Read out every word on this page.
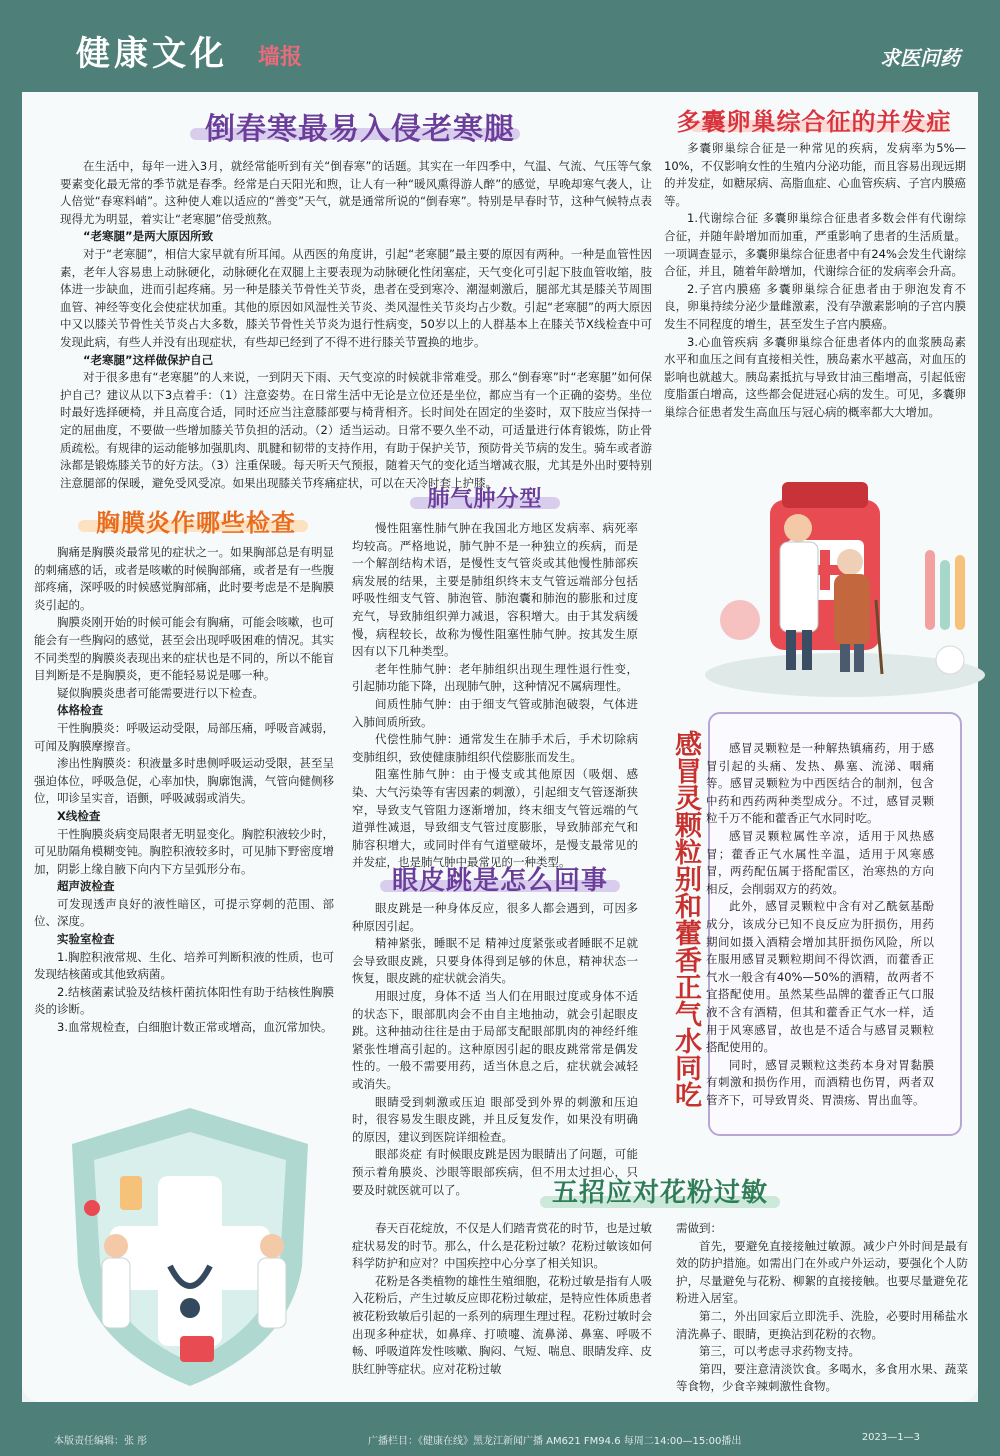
健康文化 墙报	求医问药
倒春寒最易入侵老寒腿

在生活中，每年一进入3月，就经常能听到有关“倒春寒”的话题。其实在一年四季中，气温、气流、气压等气象要素变化最无常的季节就是春季。经常是白天阳光和煦，让人有一种“暖风熏得游人醉”的感觉，早晚却寒气袭人，让人倍觉“春寒料峭”。这种使人难以适应的“善变”天气，就是通常所说的“倒春寒”。特别是早春时节，这种气候特点表现得尤为明显，着实让“老寒腿”倍受煎熬。

“老寒腿”是两大原因所致

对于“老寒腿”，相信大家早就有所耳闻。从西医的角度讲，引起“老寒腿”最主要的原因有两种。一种是血管性因素，老年人容易患上动脉硬化，动脉硬化在双腿上主要表现为动脉硬化性闭塞症，天气变化可引起下肢血管收缩，肢体进一步缺血，进而引起疼痛。另一种是膝关节骨性关节炎，患者在受到寒冷、潮湿刺激后，腿部尤其是膝关节周围血管、神经等变化会使症状加重。其他的原因如风湿性关节炎、类风湿性关节炎均占少数。引起“老寒腿”的两大原因中又以膝关节骨性关节炎占大多数，膝关节骨性关节炎为退行性病变，50岁以上的人群基本上在膝关节X线检查中可发现此病，有些人并没有出现症状，有些却已经到了不得不进行膝关节置换的地步。

“老寒腿”这样做保护自己

对于很多患有“老寒腿”的人来说，一到阴天下雨、天气变凉的时候就非常难受。那么“倒春寒”时“老寒腿”如何保护自己？建议从以下3点着手：（1）注意姿势。在日常生活中无论是立位还是坐位，都应当有一个正确的姿势。坐位时最好选择硬椅，并且高度合适，同时还应当注意膝部要与椅背相齐。长时间处在固定的坐姿时，双下肢应当保持一定的屈曲度，不要做一些增加膝关节负担的活动。（2）适当运动。日常不要久坐不动，可适量进行体育锻炼，防止骨质疏松。有规律的运动能够加强肌肉、肌腱和韧带的支持作用，有助于保护关节，预防骨关节病的发生。骑车或者游泳都是锻炼膝关节的好方法。（3）注重保暖。每天听天气预报，随着天气的变化适当增减衣服，尤其是外出时要特别注意腿部的保暖，避免受风受凉。如果出现膝关节疼痛症状，可以在天冷时套上护膝。

多囊卵巢综合征的并发症

多囊卵巢综合征是一种常见的疾病，发病率为5%—10%，不仅影响女性的生殖内分泌功能，而且容易出现远期的并发症，如糖尿病、高脂血症、心血管疾病、子宫内膜癌等。

1.代谢综合征 多囊卵巢综合征患者多数会伴有代谢综合征，并随年龄增加而加重，严重影响了患者的生活质量。一项调查显示，多囊卵巢综合征患者中有24%会发生代谢综合征，并且，随着年龄增加，代谢综合征的发病率会升高。

2.子宫内膜癌 多囊卵巢综合征患者由于卵泡发育不良，卵巢持续分泌少量雌激素，没有孕激素影响的子宫内膜发生不同程度的增生，甚至发生子宫内膜癌。

3.心血管疾病 多囊卵巢综合征患者体内的血浆胰岛素水平和血压之间有直接相关性，胰岛素水平越高，对血压的影响也就越大。胰岛素抵抗与导致甘油三酯增高，引起低密度脂蛋白增高，这些都会促进冠心病的发生。可见，多囊卵巢综合征患者发生高血压与冠心病的概率都大大增加。

胸膜炎作哪些检查

胸痛是胸膜炎最常见的症状之一。如果胸部总是有明显的刺痛感的话，或者是咳嗽的时候胸部痛，或者是有一些腹部疼痛，深呼吸的时候感觉胸部痛，此时要考虑是不是胸膜炎引起的。

胸膜炎刚开始的时候可能会有胸痛，可能会咳嗽，也可能会有一些胸闷的感觉，甚至会出现呼吸困难的情况。其实不同类型的胸膜炎表现出来的症状也是不同的，所以不能盲目判断是不是胸膜炎，更不能轻易说是哪一种。

疑似胸膜炎患者可能需要进行以下检查。

体格检查

干性胸膜炎：呼吸运动受限，局部压痛，呼吸音减弱，可闻及胸膜摩擦音。

渗出性胸膜炎：积液量多时患侧呼吸运动受限，甚至呈强迫体位，呼吸急促，心率加快，胸廓饱满，气管向健侧移位，叩诊呈实音，语颤，呼吸减弱或消失。

X线检查

干性胸膜炎病变局限者无明显变化。胸腔积液较少时，可见肋隔角模糊变钝。胸腔积液较多时，可见肺下野密度增加，阴影上缘自腋下向内下方呈弧形分布。

超声波检查

可发现透声良好的液性暗区，可提示穿刺的范围、部位、深度。

实验室检查

1.胸腔积液常规、生化、培养可判断积液的性质，也可发现结核菌或其他致病菌。

2.结核菌素试验及结核杆菌抗体阳性有助于结核性胸膜炎的诊断。

3.血常规检查，白细胞计数正常或增高，血沉常加快。

肺气肿分型

慢性阻塞性肺气肿在我国北方地区发病率、病死率均较高。严格地说，肺气肿不是一种独立的疾病，而是一个解剖结构术语，是慢性支气管炎或其他慢性肺部疾病发展的结果，主要是肺组织终末支气管远端部分包括呼吸性细支气管、肺泡管、肺泡囊和肺泡的膨胀和过度充气，导致肺组织弹力减退，容积增大。由于其发病缓慢，病程较长，故称为慢性阻塞性肺气肿。按其发生原因有以下几种类型。

老年性肺气肿：老年肺组织出现生理性退行性变，引起肺功能下降，出现肺气肿，这种情况不属病理性。

间质性肺气肿：由于细支气管或肺泡破裂，气体进入肺间质所致。

代偿性肺气肿：通常发生在肺手术后，手术切除病变肺组织，致使健康肺组织代偿膨胀而发生。

阻塞性肺气肿：由于慢支或其他原因（吸烟、感染、大气污染等有害因素的刺激），引起细支气管逐渐狭窄，导致支气管阻力逐渐增加，终末细支气管远端的气道弹性减退，导致细支气管过度膨胀，导致肺部充气和肺容积增大，或同时伴有气道壁破坏，是慢支最常见的并发症，也是肺气肿中最常见的一种类型。

眼皮跳是怎么回事

眼皮跳是一种身体反应，很多人都会遇到，可因多种原因引起。

精神紧张，睡眠不足 精神过度紧张或者睡眠不足就会导致眼皮跳，只要身体得到足够的休息，精神状态一恢复，眼皮跳的症状就会消失。

用眼过度，身体不适 当人们在用眼过度或身体不适的状态下，眼部肌肉会不由自主地抽动，就会引起眼皮跳。这种抽动往往是由于局部支配眼部肌肉的神经纤维紧张性增高引起的。这种原因引起的眼皮跳常常是偶发性的。一般不需要用药，适当休息之后，症状就会减轻或消失。

眼睛受到刺激或压迫 眼部受到外界的刺激和压迫时，很容易发生眼皮跳，并且反复发作，如果没有明确的原因，建议到医院详细检查。

眼部炎症 有时候眼皮跳是因为眼睛出了问题，可能预示着角膜炎、沙眼等眼部疾病，但不用太过担心，只要及时就医就可以了。

感冒灵颗粒别和藿香正气水同吃	感冒灵颗粒是一种解热镇痛药，用于感冒引起的头痛、发热、鼻塞、流涕、咽痛等。感冒灵颗粒为中西医结合的制剂，包含中药和西药两种类型成分。不过，感冒灵颗粒千万不能和藿香正气水同时吃。

感冒灵颗粒属性辛凉，适用于风热感冒；藿香正气水属性辛温，适用于风寒感冒，两药配伍属于搭配雷区，治寒热的方向相反，会削弱双方的药效。

此外，感冒灵颗粒中含有对乙酰氨基酚成分，该成分已知不良反应为肝损伤，用药期间如摄入酒精会增加其肝损伤风险，所以在服用感冒灵颗粒期间不得饮酒，而藿香正气水一般含有40%—50%的酒精，故两者不宜搭配使用。虽然某些品牌的藿香正气口服液不含有酒精，但其和藿香正气水一样，适用于风寒感冒，故也是不适合与感冒灵颗粒搭配使用的。

同时，感冒灵颗粒这类药本身对胃黏膜有刺激和损伤作用，而酒精也伤胃，两者双管齐下，可导致胃炎、胃溃疡、胃出血等。

五招应对花粉过敏

春天百花绽放，不仅是人们踏青赏花的时节，也是过敏症状易发的时节。那么，什么是花粉过敏？花粉过敏该如何科学防护和应对？中国疾控中心分享了相关知识。

花粉是各类植物的雄性生殖细胞，花粉过敏是指有人吸入花粉后，产生过敏反应即花粉过敏症，是特应性体质患者被花粉致敏后引起的一系列的病理生理过程。花粉过敏时会出现多种症状，如鼻痒、打喷嚏、流鼻涕、鼻塞、呼吸不畅、呼吸道阵发性咳嗽、胸闷、气短、喘息、眼睛发痒、皮肤红肿等症状。应对花粉过敏

需做到：

首先，要避免直接接触过敏源。减少户外时间是最有效的防护措施。如需出门在外或户外运动，要强化个人防护，尽量避免与花粉、柳絮的直接接触。也要尽量避免花粉进入居室。

第二，外出回家后立即洗手、洗脸，必要时用稀盐水清洗鼻子、眼睛，更换沾到花粉的衣物。

第三，可以考虑寻求药物支持。

第四，要注意清淡饮食。多喝水，多食用水果、蔬菜等食物，少食辛辣刺激性食物。

本版责任编辑：张 彤	广播栏目：《健康在线》黑龙江新闻广播 AM621 FM94.6 每周二14:00—15:00播出	2023—1—3
